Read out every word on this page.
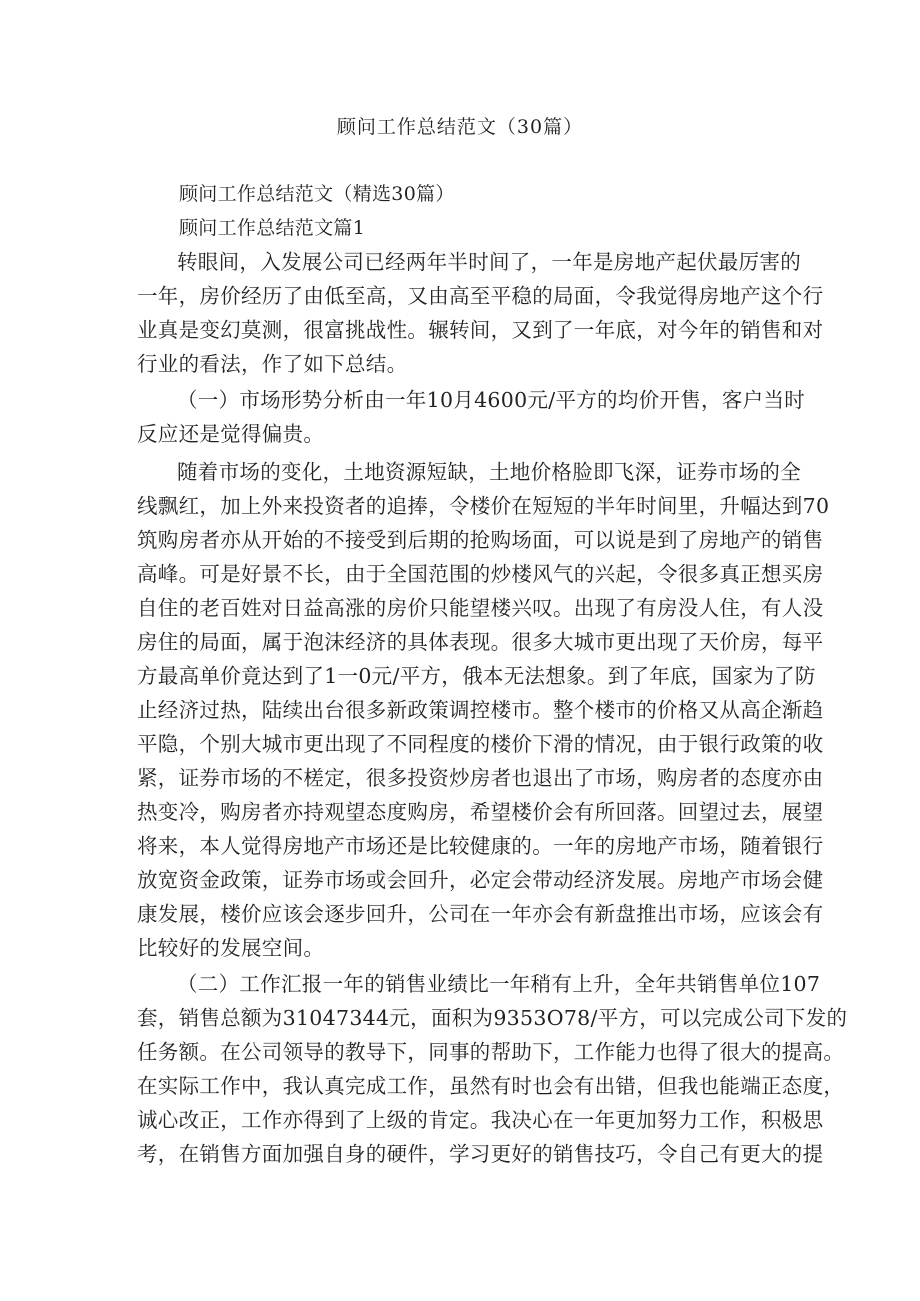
顾问工作总结范文（30篇）
顾问工作总结范文（精选30篇）
顾问工作总结范文篇1
转眼间，入发展公司已经两年半时间了，一年是房地产起伏最厉害的
一年，房价经历了由低至高，又由高至平稳的局面，令我觉得房地产这个行
业真是变幻莫测，很富挑战性。辗转间，又到了一年底，对今年的销售和对
行业的看法，作了如下总结。
（一）市场形势分析由一年10月4600元/平方的均价开售，客户当时
反应还是觉得偏贵。
随着市场的变化，土地资源短缺，土地价格脸即飞深，证券市场的全
线飘红，加上外来投资者的追捧，令楼价在短短的半年时间里，升幅达到70
筑购房者亦从开始的不接受到后期的抢购场面，可以说是到了房地产的销售
高峰。可是好景不长，由于全国范围的炒楼风气的兴起，令很多真正想买房
自住的老百姓对日益高涨的房价只能望楼兴叹。出现了有房没人住，有人没
房住的局面，属于泡沫经济的具体表现。很多大城市更出现了天价房，每平
方最高单价竟达到了1一0元/平方，俄本无法想象。到了年底，国家为了防
止经济过热，陆续出台很多新政策调控楼市。整个楼市的价格又从高企渐趋
平隐，个别大城市更出现了不同程度的楼价下滑的情况，由于银行政策的收
紧，证券市场的不槎定，很多投资炒房者也退出了市场，购房者的态度亦由
热变冷，购房者亦持观望态度购房，希望楼价会有所回落。回望过去，展望
将来，本人觉得房地产市场还是比较健康的。一年的房地产市场，随着银行
放宽资金政策，证券市场或会回升，必定会带动经济发展。房地产市场会健
康发展，楼价应该会逐步回升，公司在一年亦会有新盘推出市场，应该会有
比较好的发展空间。
（二）工作汇报一年的销售业绩比一年稍有上升，全年共销售单位107
套，销售总额为31047344元，面积为9353O78/平方，可以完成公司下发的
任务额。在公司领导的教导下，同事的帮助下，工作能力也得了很大的提高。
在实际工作中，我认真完成工作，虽然有时也会有出错，但我也能端正态度，
诚心改正，工作亦得到了上级的肯定。我决心在一年更加努力工作，积极思
考，在销售方面加强自身的硬件，学习更好的销售技巧，令自己有更大的提
